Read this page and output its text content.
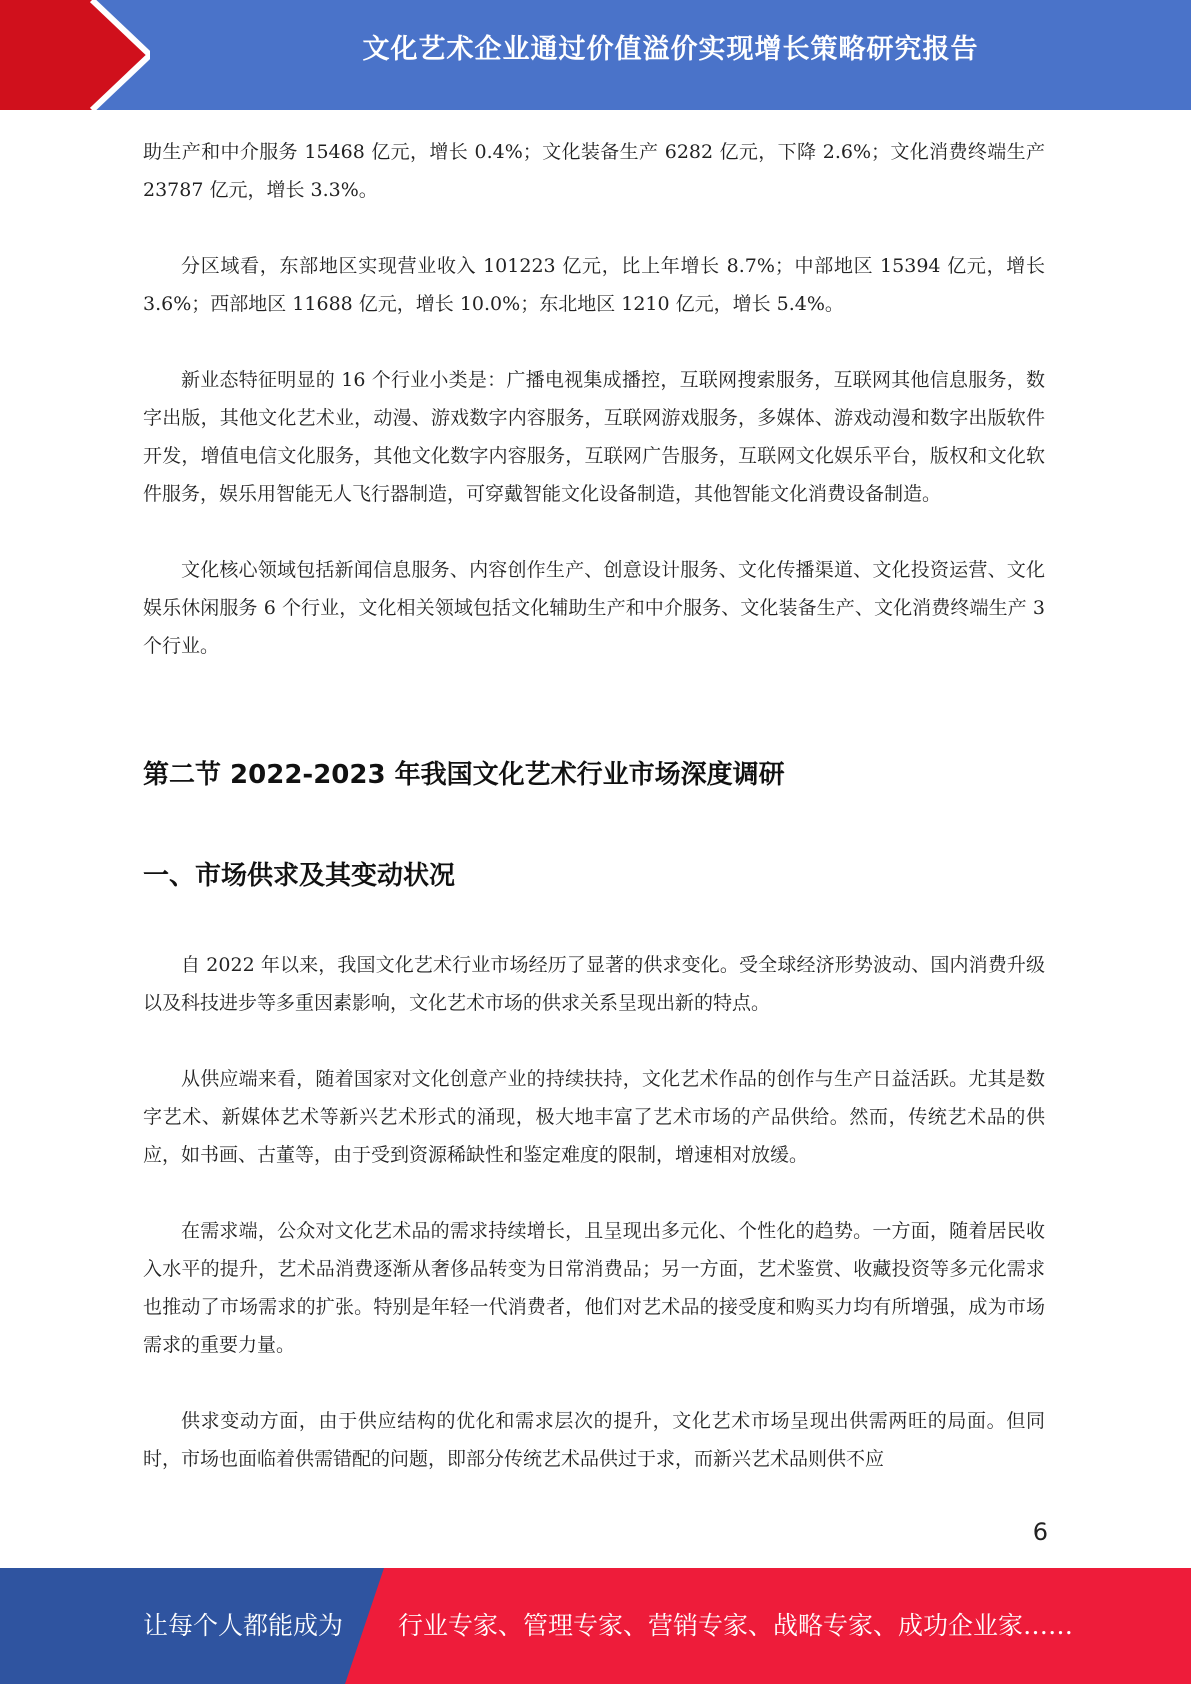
文化艺术企业通过价值溢价实现增长策略研究报告

助生产和中介服务 15468 亿元，增长 0.4%；文化装备生产 6282 亿元，下降 2.6%；文化消费终端生产 23787 亿元，增长 3.3%。

分区域看，东部地区实现营业收入 101223 亿元，比上年增长 8.7%；中部地区 15394 亿元，增长 3.6%；西部地区 11688 亿元，增长 10.0%；东北地区 1210 亿元，增长 5.4%。

新业态特征明显的 16 个行业小类是：广播电视集成播控，互联网搜索服务，互联网其他信息服务，数字出版，其他文化艺术业，动漫、游戏数字内容服务，互联网游戏服务，多媒体、游戏动漫和数字出版软件开发，增值电信文化服务，其他文化数字内容服务，互联网广告服务，互联网文化娱乐平台，版权和文化软件服务，娱乐用智能无人飞行器制造，可穿戴智能文化设备制造，其他智能文化消费设备制造。

文化核心领域包括新闻信息服务、内容创作生产、创意设计服务、文化传播渠道、文化投资运营、文化娱乐休闲服务 6 个行业，文化相关领域包括文化辅助生产和中介服务、文化装备生产、文化消费终端生产 3 个行业。

第二节 2022-2023 年我国文化艺术行业市场深度调研
一、市场供求及其变动状况

自 2022 年以来，我国文化艺术行业市场经历了显著的供求变化。受全球经济形势波动、国内消费升级以及科技进步等多重因素影响，文化艺术市场的供求关系呈现出新的特点。

从供应端来看，随着国家对文化创意产业的持续扶持，文化艺术作品的创作与生产日益活跃。尤其是数字艺术、新媒体艺术等新兴艺术形式的涌现，极大地丰富了艺术市场的产品供给。然而，传统艺术品的供应，如书画、古董等，由于受到资源稀缺性和鉴定难度的限制，增速相对放缓。

在需求端，公众对文化艺术品的需求持续增长，且呈现出多元化、个性化的趋势。一方面，随着居民收入水平的提升，艺术品消费逐渐从奢侈品转变为日常消费品；另一方面，艺术鉴赏、收藏投资等多元化需求也推动了市场需求的扩张。特别是年轻一代消费者，他们对艺术品的接受度和购买力均有所增强，成为市场需求的重要力量。

供求变动方面，由于供应结构的优化和需求层次的提升，文化艺术市场呈现出供需两旺的局面。但同时，市场也面临着供需错配的问题，即部分传统艺术品供过于求，而新兴艺术品则供不应

6
让每个人都能成为 行业专家、管理专家、营销专家、战略专家、成功企业家……
